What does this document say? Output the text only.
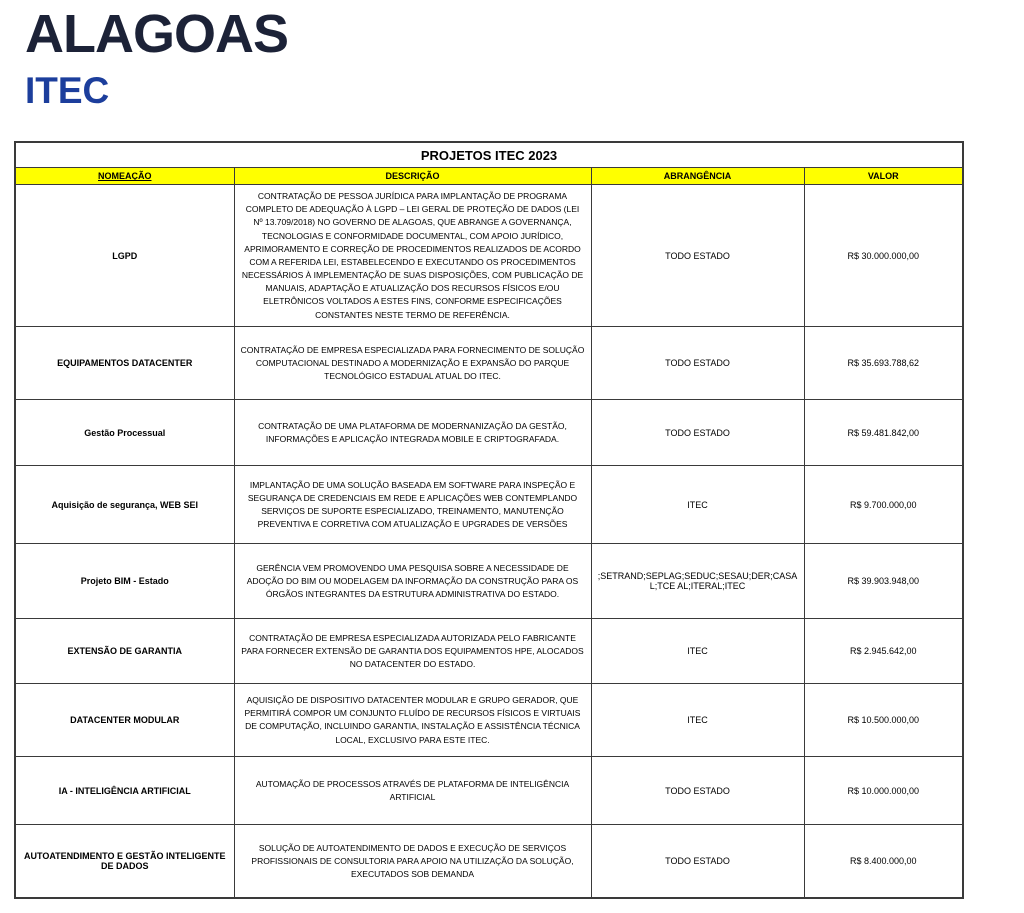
ALAGOAS
ITEC
PROJETOS ITEC 2023			
NOMEAÇÃO	DESCRIÇÃO	ABRANGÊNCIA	VALOR
LGPD	CONTRATAÇÃO DE PESSOA JURÍDICA PARA IMPLANTAÇÃO DE PROGRAMA COMPLETO DE ADEQUAÇÃO À LGPD – LEI GERAL DE PROTEÇÃO DE DADOS (LEI Nº 13.709/2018) NO GOVERNO DE ALAGOAS, QUE ABRANGE A GOVERNANÇA, TECNOLOGIAS E CONFORMIDADE DOCUMENTAL, COM APOIO JURÍDICO, APRIMORAMENTO E CORREÇÃO DE PROCEDIMENTOS REALIZADOS DE ACORDO COM A REFERIDA LEI, ESTABELECENDO E EXECUTANDO OS PROCEDIMENTOS NECESSÁRIOS À IMPLEMENTAÇÃO DE SUAS DISPOSIÇÕES, COM PUBLICAÇÃO DE MANUAIS, ADAPTAÇÃO E ATUALIZAÇÃO DOS RECURSOS FÍSICOS E/OU ELETRÔNICOS VOLTADOS A ESTES FINS, CONFORME ESPECIFICAÇÕES CONSTANTES NESTE TERMO DE REFERÊNCIA.	TODO ESTADO	R$ 30.000.000,00
EQUIPAMENTOS DATACENTER	CONTRATAÇÃO DE EMPRESA ESPECIALIZADA PARA FORNECIMENTO DE SOLUÇÃO COMPUTACIONAL DESTINADO A MODERNIZAÇÃO E EXPANSÃO DO PARQUE TECNOLÓGICO ESTADUAL ATUAL DO ITEC.	TODO ESTADO	R$ 35.693.788,62
Gestão Processual	CONTRATAÇÃO DE UMA PLATAFORMA DE MODERNANIZAÇÃO DA GESTÃO, INFORMAÇÕES E APLICAÇÃO INTEGRADA MOBILE E CRIPTOGRAFADA.	TODO ESTADO	R$ 59.481.842,00
Aquisição de segurança, WEB SEI	IMPLANTAÇÃO DE UMA SOLUÇÃO BASEADA EM SOFTWARE PARA INSPEÇÃO E SEGURANÇA DE CREDENCIAIS EM REDE E APLICAÇÕES WEB CONTEMPLANDO SERVIÇOS DE SUPORTE ESPECIALIZADO, TREINAMENTO, MANUTENÇÃO PREVENTIVA E CORRETIVA COM ATUALIZAÇÃO E UPGRADES DE VERSÕES	ITEC	R$ 9.700.000,00
Projeto BIM - Estado	GERÊNCIA VEM PROMOVENDO UMA PESQUISA SOBRE A NECESSIDADE DE ADOÇÃO DO BIM OU MODELAGEM DA INFORMAÇÃO DA CONSTRUÇÃO PARA OS ÓRGÃOS INTEGRANTES DA ESTRUTURA ADMINISTRATIVA DO ESTADO.	;SETRAND;SEPLAG;SEDUC;SESAU;DER;CASAL;TCE AL;ITERAL;ITEC	R$ 39.903.948,00
EXTENSÃO DE GARANTIA	CONTRATAÇÃO DE EMPRESA ESPECIALIZADA AUTORIZADA PELO FABRICANTE PARA FORNECER EXTENSÃO DE GARANTIA DOS EQUIPAMENTOS HPE, ALOCADOS NO DATACENTER DO ESTADO.	ITEC	R$ 2.945.642,00
DATACENTER MODULAR	AQUISIÇÃO DE DISPOSITIVO DATACENTER MODULAR E GRUPO GERADOR, QUE PERMITIRÁ COMPOR UM CONJUNTO FLUÍDO DE RECURSOS FÍSICOS E VIRTUAIS DE COMPUTAÇÃO, INCLUINDO GARANTIA, INSTALAÇÃO E ASSISTÊNCIA TÉCNICA LOCAL, EXCLUSIVO PARA ESTE ITEC.	ITEC	R$ 10.500.000,00
IA - INTELIGÊNCIA ARTIFICIAL	AUTOMAÇÃO DE PROCESSOS ATRAVÉS DE PLATAFORMA DE INTELIGÊNCIA ARTIFICIAL	TODO ESTADO	R$ 10.000.000,00
AUTOATENDIMENTO E GESTÃO INTELIGENTE DE DADOS	SOLUÇÃO DE AUTOATENDIMENTO DE DADOS E EXECUÇÃO DE SERVIÇOS PROFISSIONAIS DE CONSULTORIA PARA APOIO NA UTILIZAÇÃO DA SOLUÇÃO, EXECUTADOS SOB DEMANDA	TODO ESTADO	R$ 8.400.000,00
